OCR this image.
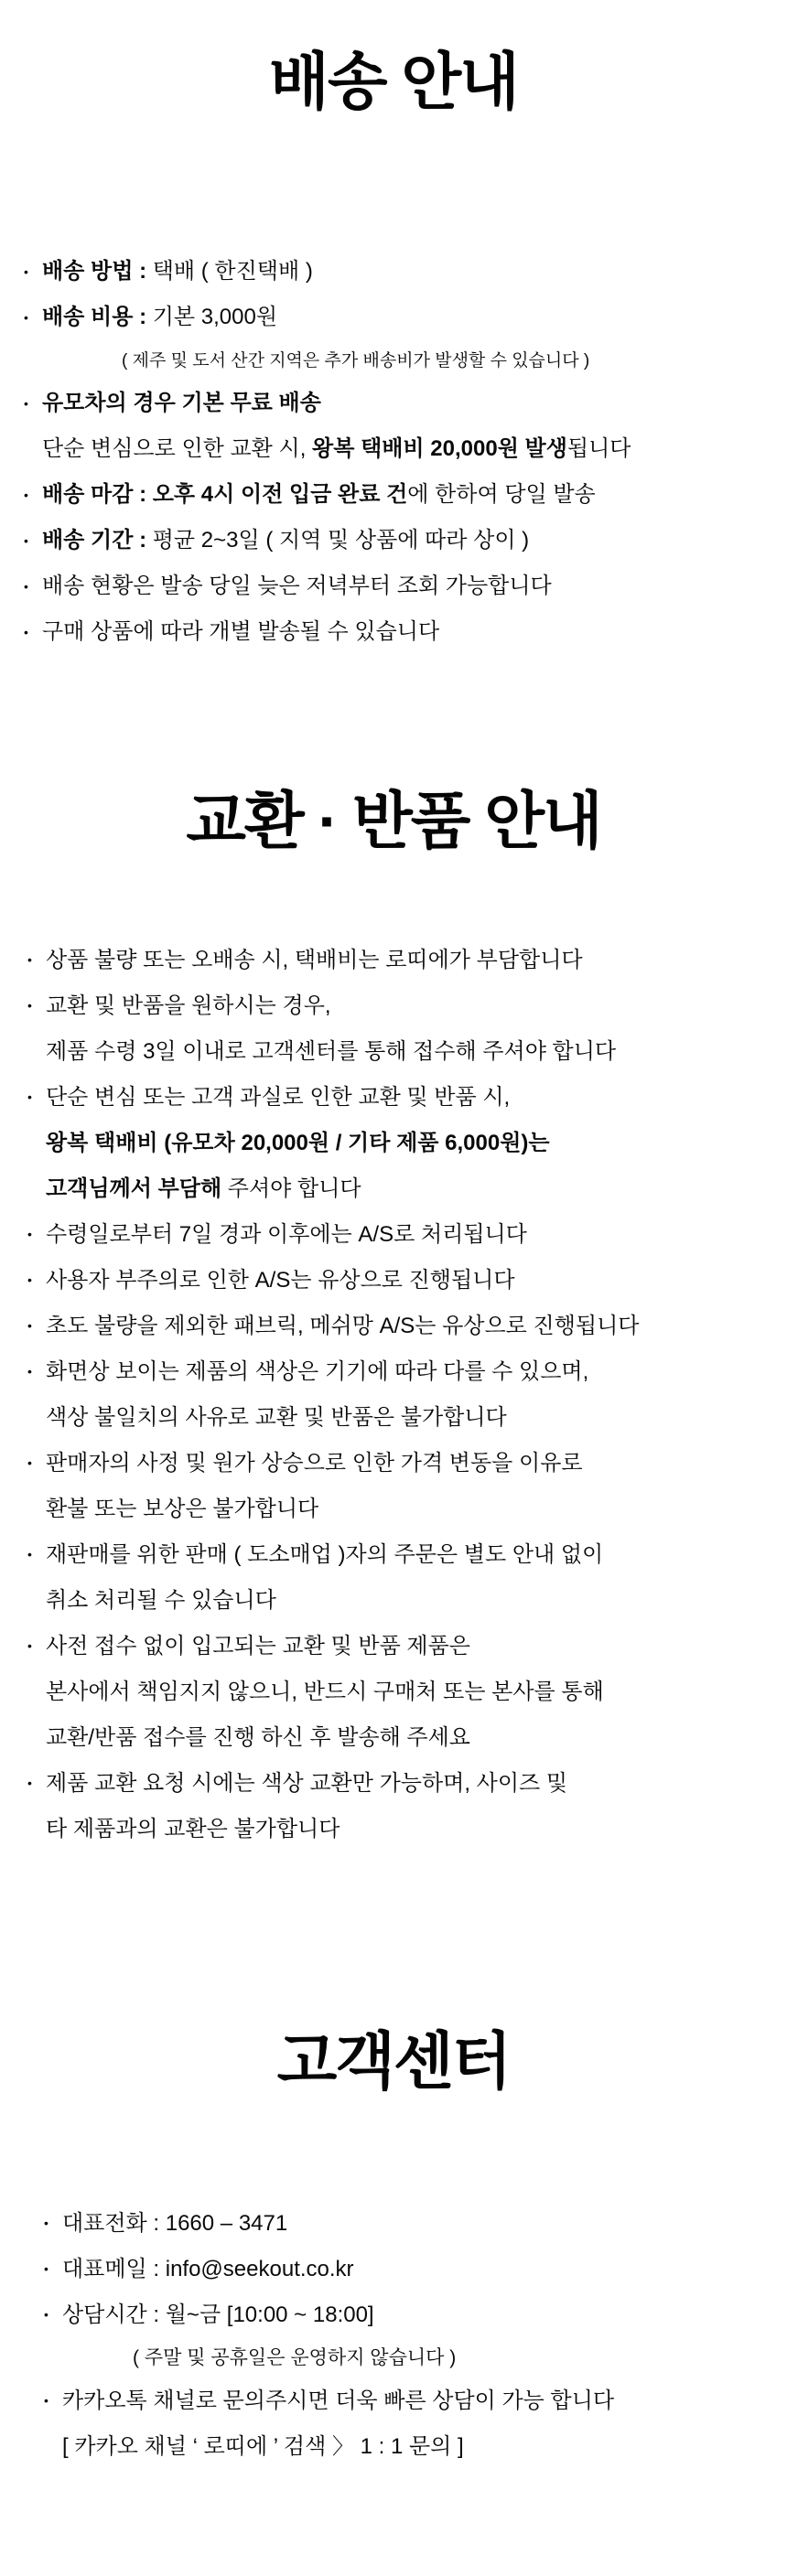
배송 안내
• 배송 방법 : 택배 ( 한진택배 )
• 배송 비용 : 기본 3,000원
( 제주 및 도서 산간 지역은 추가 배송비가 발생할 수 있습니다 )
• 유모차의 경우 기본 무료 배송
단순 변심으로 인한 교환 시, 왕복 택배비 20,000원 발생됩니다
• 배송 마감 : 오후 4시 이전 입금 완료 건에 한하여 당일 발송
• 배송 기간 : 평균 2~3일 ( 지역 및 상품에 따라 상이 )
• 배송 현황은 발송 당일 늦은 저녁부터 조회 가능합니다
• 구매 상품에 따라 개별 발송될 수 있습니다
교환 · 반품 안내
• 상품 불량 또는 오배송 시, 택배비는 로띠에가 부담합니다
• 교환 및 반품을 원하시는 경우,
제품 수령 3일 이내로 고객센터를 통해 접수해 주셔야 합니다
• 단순 변심 또는 고객 과실로 인한 교환 및 반품 시,
왕복 택배비 (유모차 20,000원 / 기타 제품 6,000원)는
고객님께서 부담해 주셔야 합니다
• 수령일로부터 7일 경과 이후에는 A/S로 처리됩니다
• 사용자 부주의로 인한 A/S는 유상으로 진행됩니다
• 초도 불량을 제외한 패브릭, 메쉬망 A/S는 유상으로 진행됩니다
• 화면상 보이는 제품의 색상은 기기에 따라 다를 수 있으며,
색상 불일치의 사유로 교환 및 반품은 불가합니다
• 판매자의 사정 및 원가 상승으로 인한 가격 변동을 이유로
환불 또는 보상은 불가합니다
• 재판매를 위한 판매 ( 도소매업 )자의 주문은 별도 안내 없이
취소 처리될 수 있습니다
• 사전 접수 없이 입고되는 교환 및 반품 제품은
본사에서 책임지지 않으니, 반드시 구매처 또는 본사를 통해
교환/반품 접수를 진행 하신 후 발송해 주세요
• 제품 교환 요청 시에는 색상 교환만 가능하며, 사이즈 및
타 제품과의 교환은 불가합니다
고객센터
• 대표전화 : 1660 – 3471
• 대표메일 : info@seekout.co.kr
• 상담시간 : 월~금 [10:00 ~ 18:00]
( 주말 및 공휴일은 운영하지 않습니다 )
• 카카오톡 채널로 문의주시면 더욱 빠른 상담이 가능 합니다
[ 카카오 채널 ‘ 로띠에 ’ 검색 〉 1 : 1 문의 ]
